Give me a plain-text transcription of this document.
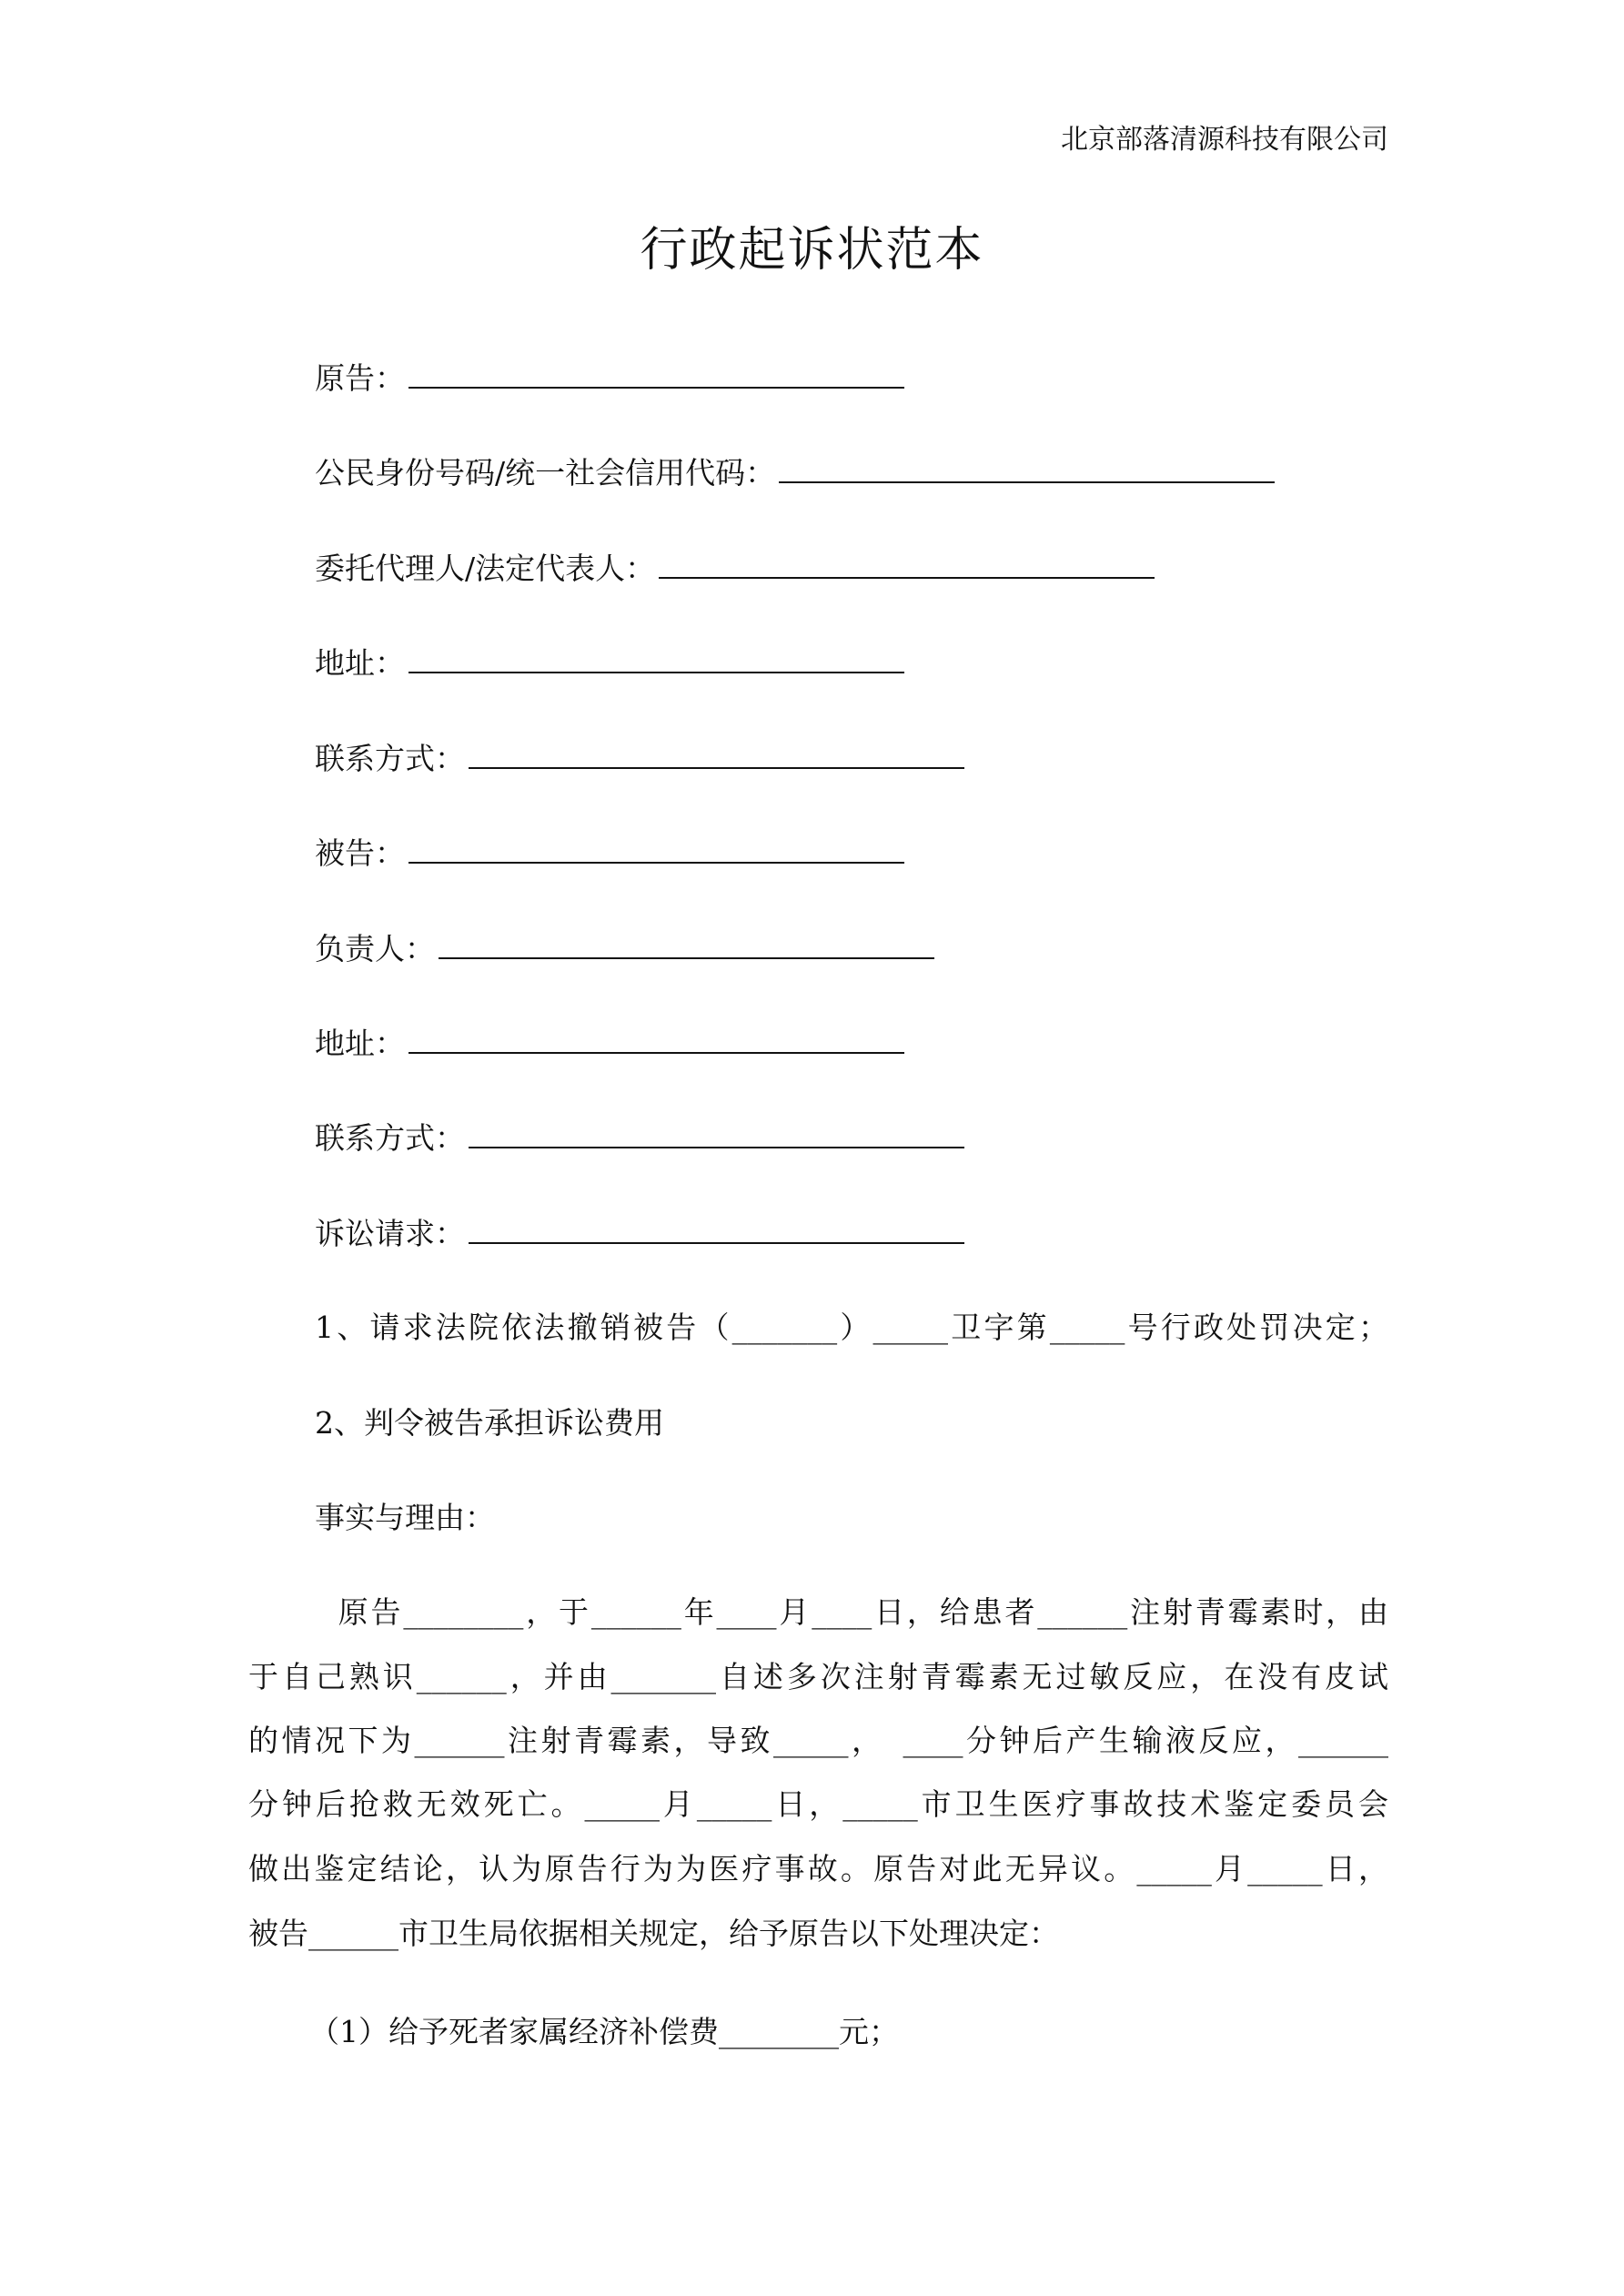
北京部落清源科技有限公司
行政起诉状范本
原告：
公民身份号码/统一社会信用代码：
委托代理人/法定代表人：
地址：
联系方式：
被告：
负责人：
地址：
联系方式：
诉讼请求：
1、请求法院依法撤销被告（_______）_____卫字第_____号行政处罚决定；
2、判令被告承担诉讼费用
事实与理由：
　　原告________，于______年____月____日，给患者______注射青霉素时，由
于自己熟识______，并由_______自述多次注射青霉素无过敏反应，在没有皮试
的情况下为______注射青霉素，导致_____，　____分钟后产生输液反应，______
分钟后抢救无效死亡。_____月_____日，_____市卫生医疗事故技术鉴定委员会
做出鉴定结论，认为原告行为为医疗事故。原告对此无异议。_____月_____日，
被告______市卫生局依据相关规定，给予原告以下处理决定：
（1）给予死者家属经济补偿费________元；
